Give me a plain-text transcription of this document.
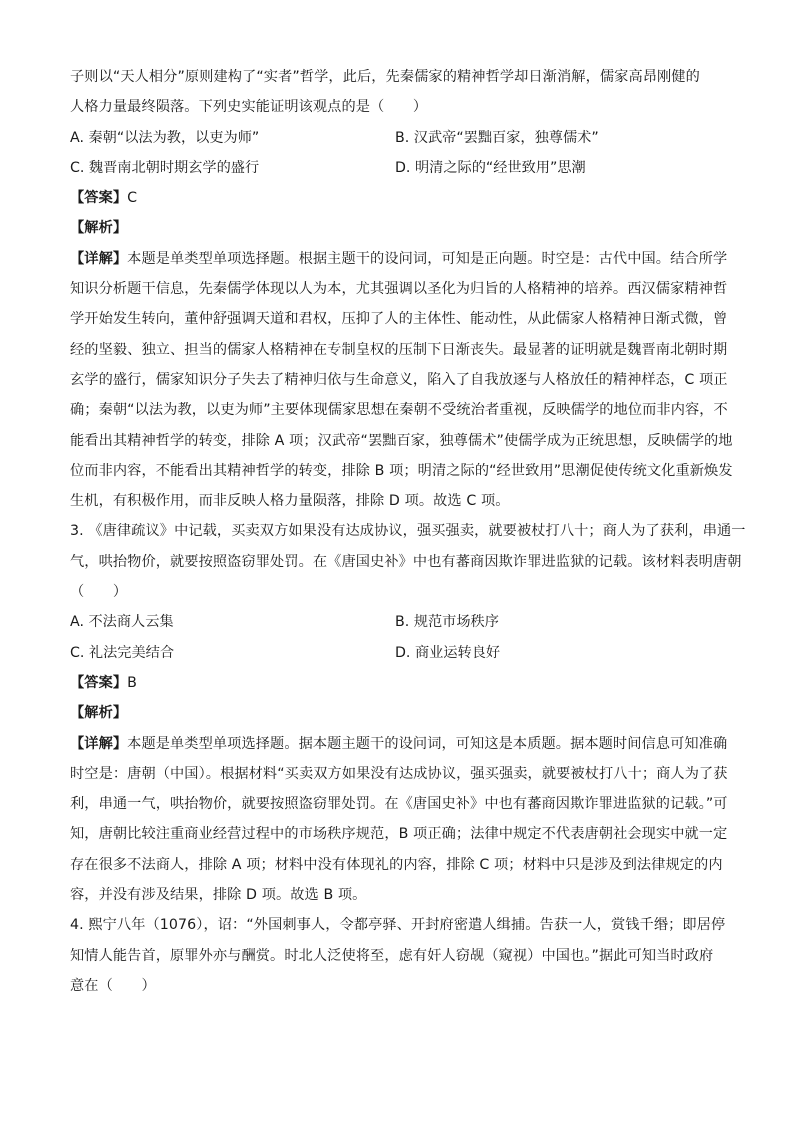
子则以“天人相分”原则建构了“实者”哲学，此后，先秦儒家的精神哲学却日渐消解，儒家高昂刚健的
人格力量最终陨落。下列史实能证明该观点的是（　　）
A. 秦朝“以法为教，以吏为师”	B. 汉武帝“罢黜百家，独尊儒术”
C. 魏晋南北朝时期玄学的盛行	D. 明清之际的“经世致用”思潮
【答案】C
【解析】
【详解】本题是单类型单项选择题。根据主题干的设问词，可知是正向题。时空是：古代中国。结合所学
知识分析题干信息，先秦儒学体现以人为本，尤其强调以圣化为归旨的人格精神的培养。西汉儒家精神哲
学开始发生转向，董仲舒强调天道和君权，压抑了人的主体性、能动性，从此儒家人格精神日渐式微，曾
经的坚毅、独立、担当的儒家人格精神在专制皇权的压制下日渐丧失。最显著的证明就是魏晋南北朝时期
玄学的盛行，儒家知识分子失去了精神归依与生命意义，陷入了自我放逐与人格放任的精神样态，C 项正
确；秦朝“以法为教，以吏为师”主要体现儒家思想在秦朝不受统治者重视，反映儒学的地位而非内容，不
能看出其精神哲学的转变，排除 A 项；汉武帝“罢黜百家，独尊儒术”使儒学成为正统思想，反映儒学的地
位而非内容，不能看出其精神哲学的转变，排除 B 项；明清之际的“经世致用”思潮促使传统文化重新焕发
生机，有积极作用，而非反映人格力量陨落，排除 D 项。故选 C 项。
3. 《唐律疏议》中记载，买卖双方如果没有达成协议，强买强卖，就要被杖打八十；商人为了获利，串通一
气，哄抬物价，就要按照盗窃罪处罚。在《唐国史补》中也有蕃商因欺诈罪进监狱的记载。该材料表明唐朝
（　　）
A. 不法商人云集	B. 规范市场秩序
C. 礼法完美结合	D. 商业运转良好
【答案】B
【解析】
【详解】本题是单类型单项选择题。据本题主题干的设问词，可知这是本质题。据本题时间信息可知准确
时空是：唐朝（中国）。根据材料“买卖双方如果没有达成协议，强买强卖，就要被杖打八十；商人为了获
利，串通一气，哄抬物价，就要按照盗窃罪处罚。在《唐国史补》中也有蕃商因欺诈罪进监狱的记载。”可
知，唐朝比较注重商业经营过程中的市场秩序规范，B 项正确；法律中规定不代表唐朝社会现实中就一定
存在很多不法商人，排除 A 项；材料中没有体现礼的内容，排除 C 项；材料中只是涉及到法律规定的内
容，并没有涉及结果，排除 D 项。故选 B 项。
4. 熙宁八年（1076），诏：“外国刺事人，令都亭驿、开封府密遣人缉捕。告获一人，赏钱千缗；即居停
知情人能告首，原罪外亦与酬赏。时北人泛使将至，虑有奸人窃觇（窥视）中国也。”据此可知当时政府
意在（　　）
